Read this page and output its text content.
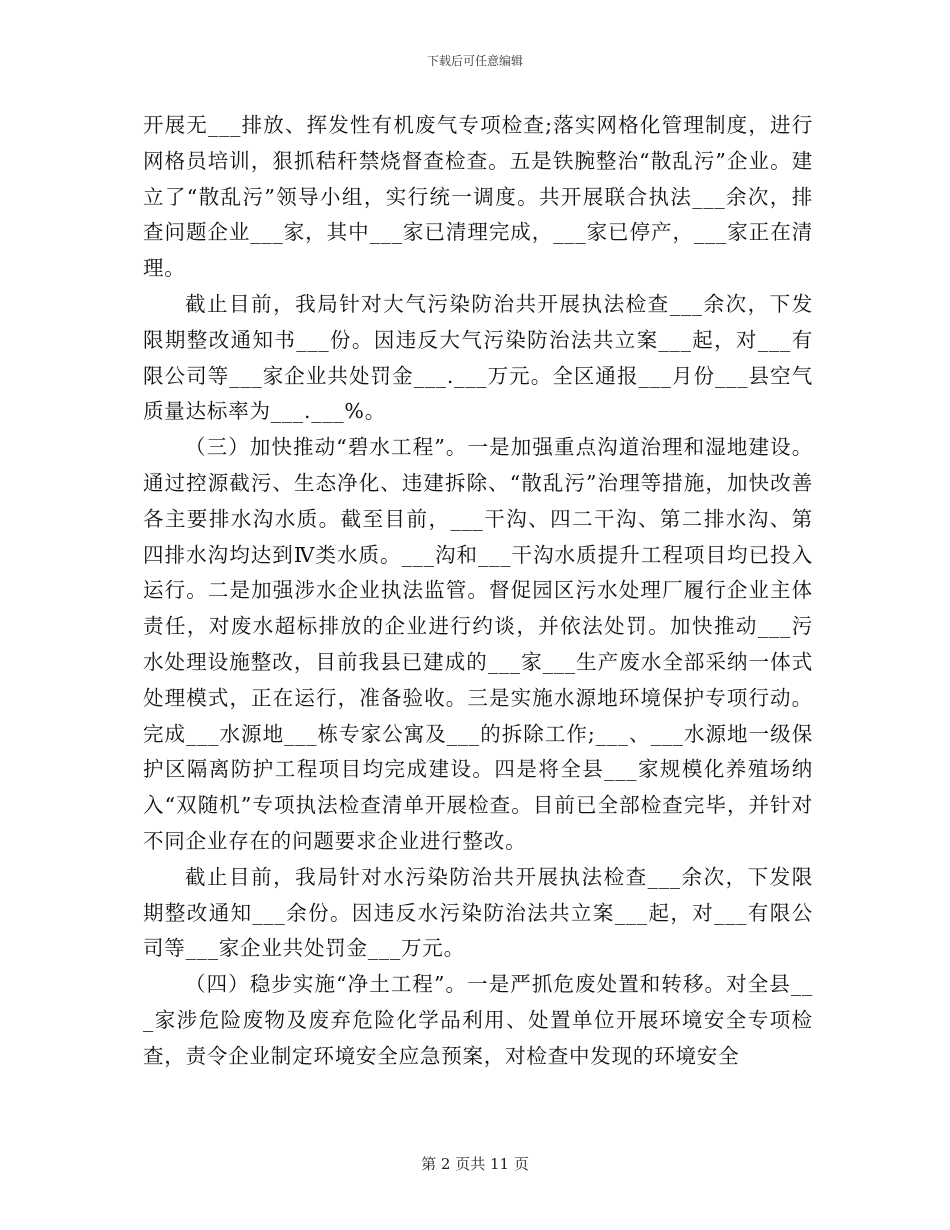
下载后可任意编辑

开展无___排放、挥发性有机废气专项检查;落实网格化管理制度，进行网格员培训，狠抓秸秆禁烧督查检查。五是铁腕整治“散乱污”企业。建立了“散乱污”领导小组，实行统一调度。共开展联合执法___余次，排查问题企业___家，其中___家已清理完成，___家已停产，___家正在清理。

截止目前，我局针对大气污染防治共开展执法检查___余次，下发限期整改通知书___份。因违反大气污染防治法共立案___起，对___有限公司等___家企业共处罚金___.___万元。全区通报___月份___县空气质量达标率为___.___%。

（三）加快推动“碧水工程”。一是加强重点沟道治理和湿地建设。通过控源截污、生态净化、违建拆除、“散乱污”治理等措施，加快改善各主要排水沟水质。截至目前，___干沟、四二干沟、第二排水沟、第四排水沟均达到Ⅳ类水质。___沟和___干沟水质提升工程项目均已投入运行。二是加强涉水企业执法监管。督促园区污水处理厂履行企业主体责任，对废水超标排放的企业进行约谈，并依法处罚。加快推动___污水处理设施整改，目前我县已建成的___家___生产废水全部采纳一体式处理模式，正在运行，准备验收。三是实施水源地环境保护专项行动。完成___水源地___栋专家公寓及___的拆除工作;___、___水源地一级保护区隔离防护工程项目均完成建设。四是将全县___家规模化养殖场纳入“双随机”专项执法检查清单开展检查。目前已全部检查完毕，并针对不同企业存在的问题要求企业进行整改。

截止目前，我局针对水污染防治共开展执法检查___余次，下发限期整改通知___余份。因违反水污染防治法共立案___起，对___有限公司等___家企业共处罚金___万元。

（四）稳步实施“净土工程”。一是严抓危废处置和转移。对全县___家涉危险废物及废弃危险化学品利用、处置单位开展环境安全专项检查，责令企业制定环境安全应急预案，对检查中发现的环境安全

第 2 页共 11 页
